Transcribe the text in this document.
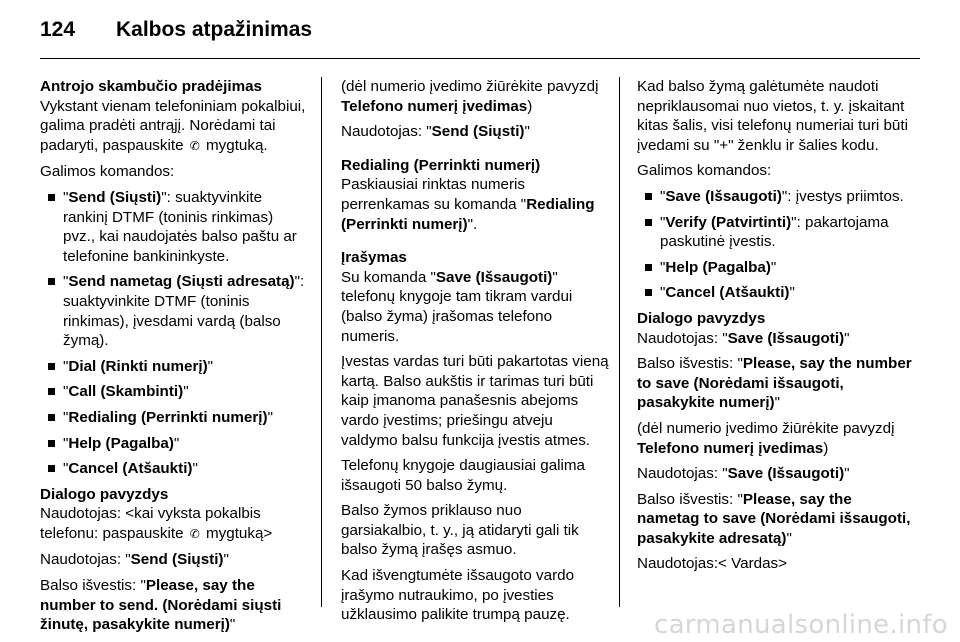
124	Kalbos atpažinimas

Antrojo skambučio pradėjimas

Vykstant vienam telefoniniam pokalbiui, galima pradėti antrąjį. Norėdami tai padaryti, paspauskite ✆ mygtuką.

Galimos komandos:

"Send (Siųsti)": suaktyvinkite rankinį DTMF (toninis rinkimas) pvz., kai naudojatės balso paštu ar telefonine bankininkyste.
"Send nametag (Siųsti adresatą)": suaktyvinkite DTMF (toninis rinkimas), įvesdami vardą (balso žymą).
"Dial (Rinkti numerį)"
"Call (Skambinti)"
"Redialing (Perrinkti numerį)"
"Help (Pagalba)"
"Cancel (Atšaukti)"

Dialogo pavyzdys

Naudotojas: <kai vyksta pokalbis telefonu: paspauskite ✆ mygtuką>

Naudotojas: "Send (Siųsti)"

Balso išvestis: "Please, say the number to send. (Norėdami siųsti žinutę, pasakykite numerį)"

(dėl numerio įvedimo žiūrėkite pavyzdį Telefono numerį įvedimas)

Naudotojas: "Send (Siųsti)"

Redialing (Perrinkti numerį)

Paskiausiai rinktas numeris perrenkamas su komanda "Redialing (Perrinkti numerį)".

Įrašymas

Su komanda "Save (Išsaugoti)" telefonų knygoje tam tikram vardui (balso žyma) įrašomas telefono numeris.

Įvestas vardas turi būti pakartotas vieną kartą. Balso aukštis ir tarimas turi būti kaip įmanoma panašesnis abejoms vardo įvestims; priešingu atveju valdymo balsu funkcija įvestis atmes.

Telefonų knygoje daugiausiai galima išsaugoti 50 balso žymų.

Balso žymos priklauso nuo garsiakalbio, t. y., ją atidaryti gali tik balso žymą įrašęs asmuo.

Kad išvengtumėte išsaugoto vardo įrašymo nutraukimo, po įvesties užklausimo palikite trumpą pauzę.

Kad balso žymą galėtumėte naudoti nepriklausomai nuo vietos, t. y. įskaitant kitas šalis, visi telefonų numeriai turi būti įvedami su "+" ženklu ir šalies kodu.

Galimos komandos:

"Save (Išsaugoti)": įvestys priimtos.
"Verify (Patvirtinti)": pakartojama paskutinė įvestis.
"Help (Pagalba)"
"Cancel (Atšaukti)"

Dialogo pavyzdys

Naudotojas: "Save (Išsaugoti)"

Balso išvestis: "Please, say the number to save (Norėdami išsaugoti, pasakykite numerį)"

(dėl numerio įvedimo žiūrėkite pavyzdį Telefono numerį įvedimas)

Naudotojas: "Save (Išsaugoti)"

Balso išvestis: "Please, say the nametag to save (Norėdami išsaugoti, pasakykite adresatą)"

Naudotojas:< Vardas>

carmanualsonline.info
